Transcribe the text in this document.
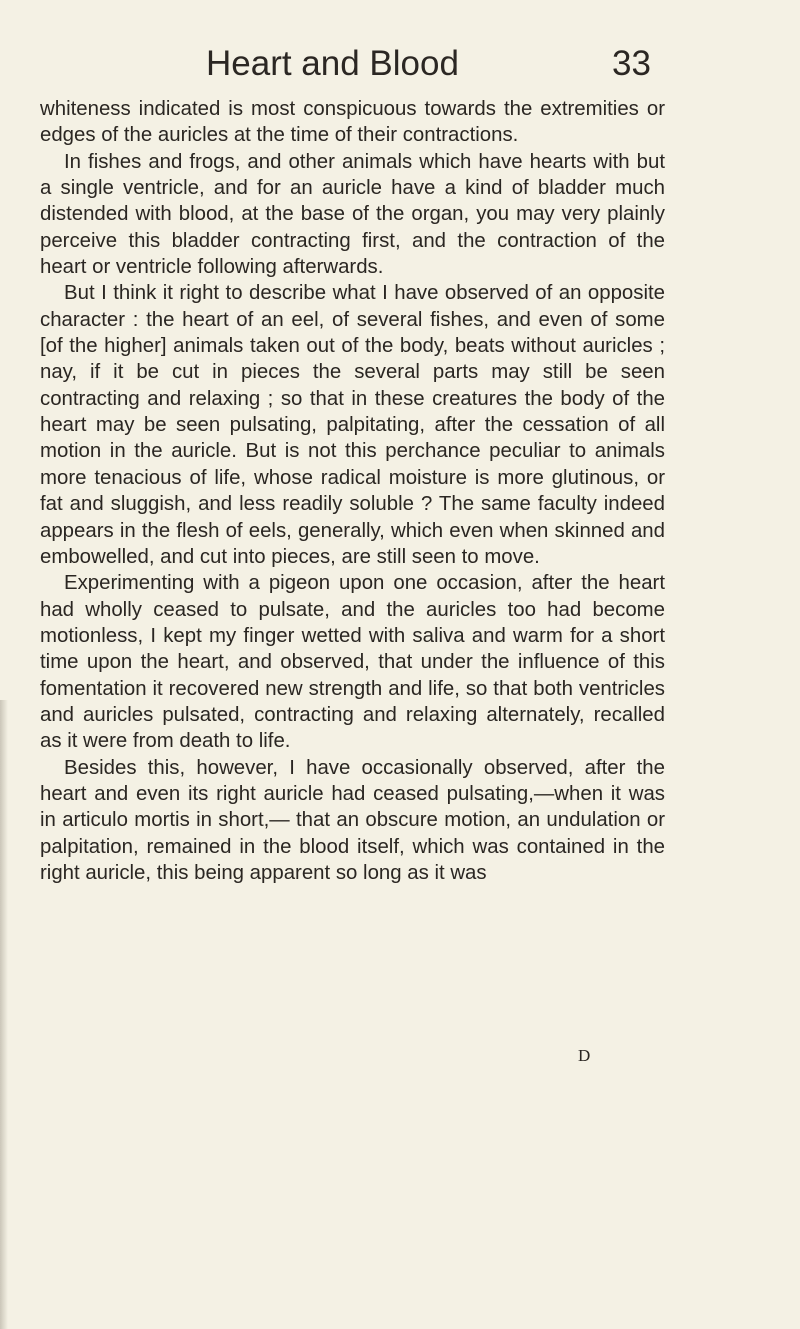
Heart and Blood	33

whiteness indicated is most conspicuous towards the extremities or edges of the auricles at the time of their contractions.

In fishes and frogs, and other animals which have hearts with but a single ventricle, and for an auricle have a kind of bladder much distended with blood, at the base of the organ, you may very plainly perceive this bladder contracting first, and the contraction of the heart or ventricle following afterwards.

But I think it right to describe what I have observed of an opposite character : the heart of an eel, of several fishes, and even of some [of the higher] animals taken out of the body, beats without auricles ; nay, if it be cut in pieces the several parts may still be seen contracting and relaxing ; so that in these creatures the body of the heart may be seen pulsating, palpitating, after the cessation of all motion in the auricle. But is not this perchance peculiar to animals more tenacious of life, whose radical moisture is more glutinous, or fat and sluggish, and less readily soluble ? The same faculty indeed appears in the flesh of eels, generally, which even when skinned and embowelled, and cut into pieces, are still seen to move.

Experimenting with a pigeon upon one occasion, after the heart had wholly ceased to pulsate, and the auricles too had become motionless, I kept my finger wetted with saliva and warm for a short time upon the heart, and observed, that under the influence of this fomentation it recovered new strength and life, so that both ventricles and auricles pulsated, contracting and relaxing alternately, recalled as it were from death to life.

Besides this, however, I have occasionally observed, after the heart and even its right auricle had ceased pulsating,—when it was in articulo mortis in short,— that an obscure motion, an undulation or palpitation, remained in the blood itself, which was contained in the right auricle, this being apparent so long as it was

D
